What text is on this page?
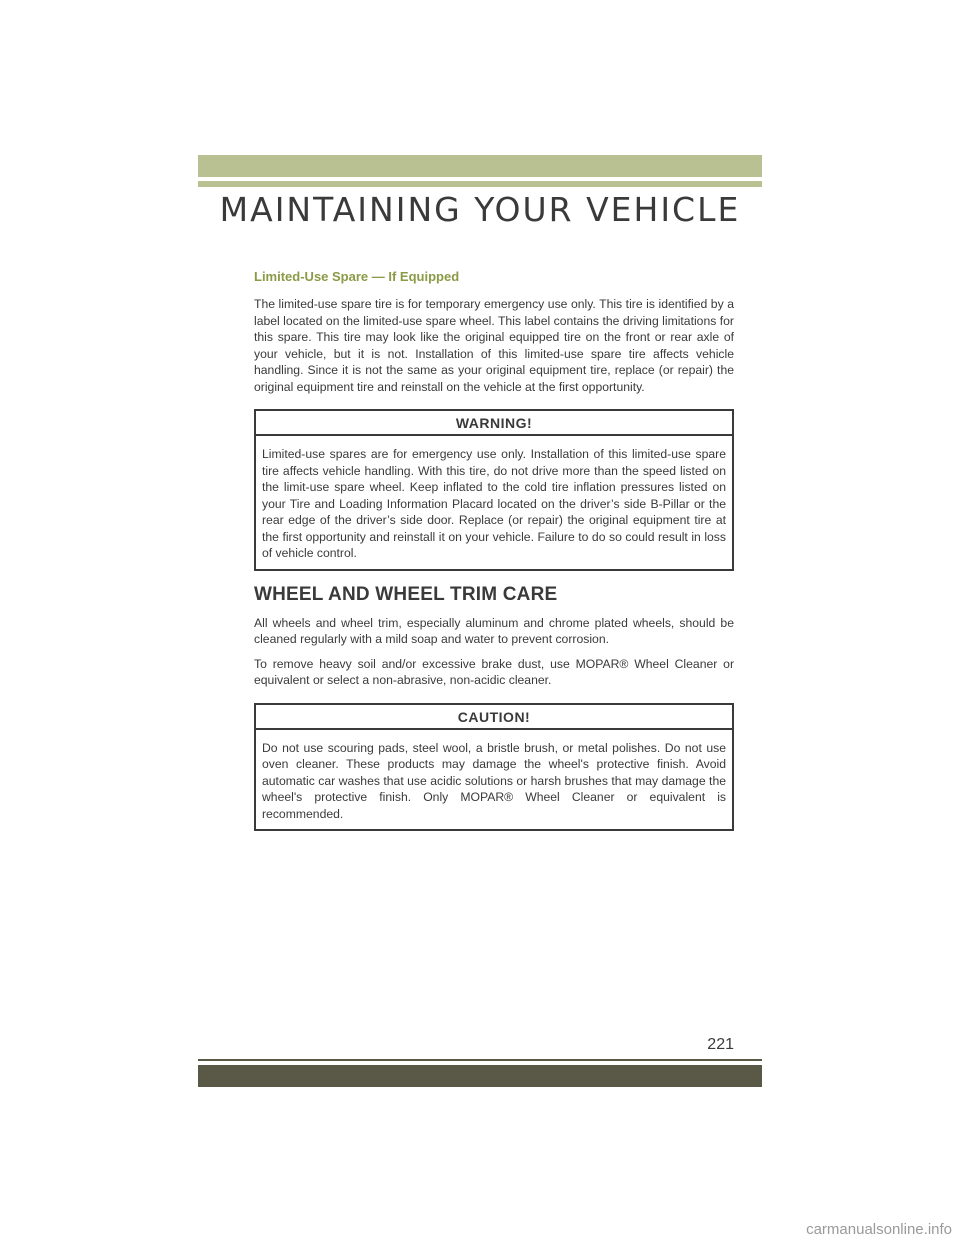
MAINTAINING YOUR VEHICLE
Limited-Use Spare — If Equipped

The limited-use spare tire is for temporary emergency use only. This tire is identified by a label located on the limited-use spare wheel. This label contains the driving limitations for this spare. This tire may look like the original equipped tire on the front or rear axle of your vehicle, but it is not. Installation of this limited-use spare tire affects vehicle handling. Since it is not the same as your original equipment tire, replace (or repair) the original equipment tire and reinstall on the vehicle at the first opportunity.

WARNING!

Limited-use spares are for emergency use only. Installation of this limited-use spare tire affects vehicle handling. With this tire, do not drive more than the speed listed on the limit-use spare wheel. Keep inflated to the cold tire inflation pressures listed on your Tire and Loading Information Placard located on the driver’s side B-Pillar or the rear edge of the driver’s side door. Replace (or repair) the original equipment tire at the first opportunity and reinstall it on your vehicle. Failure to do so could result in loss of vehicle control.

WHEEL AND WHEEL TRIM CARE

All wheels and wheel trim, especially aluminum and chrome plated wheels, should be cleaned regularly with a mild soap and water to prevent corrosion.

To remove heavy soil and/or excessive brake dust, use MOPAR® Wheel Cleaner or equivalent or select a non-abrasive, non-acidic cleaner.

CAUTION!

Do not use scouring pads, steel wool, a bristle brush, or metal polishes. Do not use oven cleaner. These products may damage the wheel's protective finish. Avoid automatic car washes that use acidic solutions or harsh brushes that may damage the wheel's protective finish. Only MOPAR® Wheel Cleaner or equivalent is recommended.

221
carmanualsonline.info
